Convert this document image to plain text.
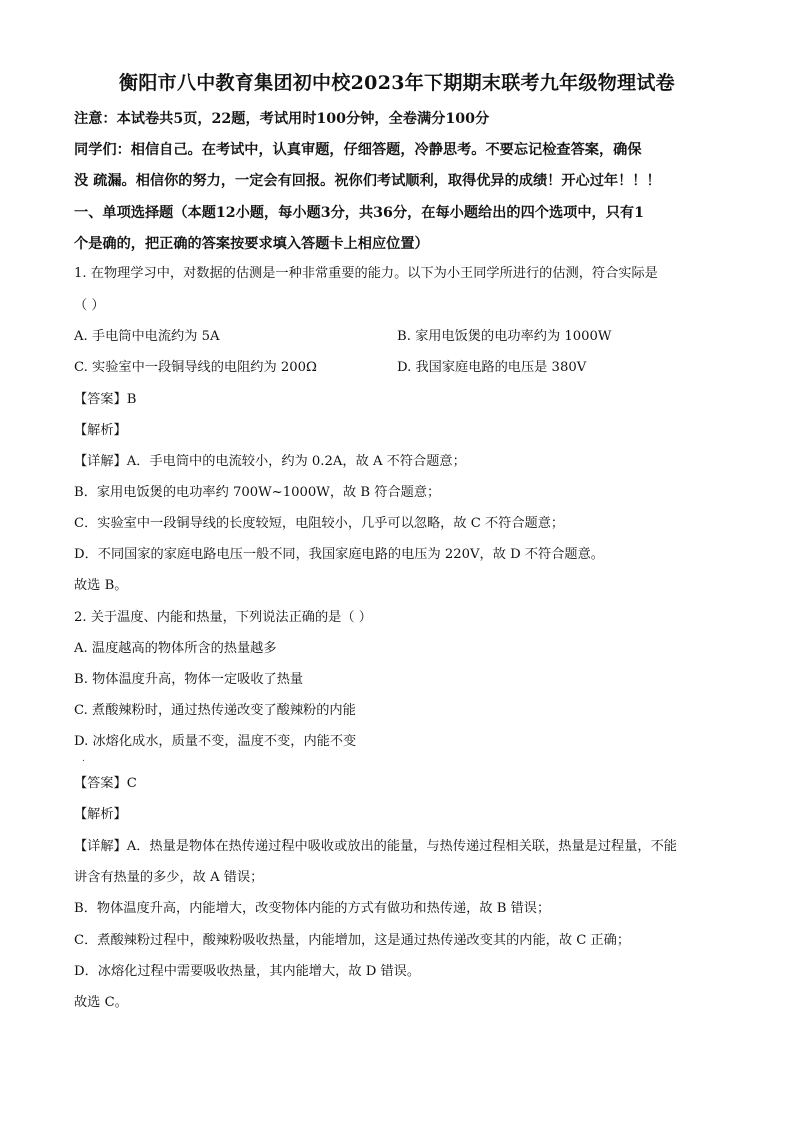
衡阳市八中教育集团初中校2023年下期期末联考九年级物理试卷
注意：本试卷共5页，22题，考试用时100分钟，全卷满分100分
同学们：相信自己。在考试中，认真审题，仔细答题，冷静思考。不要忘记检查答案，确保
没 疏漏。相信你的努力，一定会有回报。祝你们考试顺利，取得优异的成绩！开心过年！！！
一、单项选择题（本题12小题，每小题3分，共36分，在每小题给出的四个选项中，只有1
个是确的，把正确的答案按要求填入答题卡上相应位置）
1. 在物理学习中，对数据的估测是一种非常重要的能力。以下为小王同学所进行的估测，符合实际是
（ ）
A. 手电筒中电流约为 5A	B. 家用电饭煲的电功率约为 1000W
C. 实验室中一段铜导线的电阻约为 200Ω	D. 我国家庭电路的电压是 380V
【答案】B
【解析】
【详解】A．手电筒中的电流较小，约为 0.2A，故 A 不符合题意；
B．家用电饭煲的电功率约 700W~1000W，故 B 符合题意；
C．实验室中一段铜导线的长度较短，电阻较小，几乎可以忽略，故 C 不符合题意；
D．不同国家的家庭电路电压一般不同，我国家庭电路的电压为 220V，故 D 不符合题意。
故选 B。
2. 关于温度、内能和热量，下列说法正确的是（ ）
A. 温度越高的物体所含的热量越多
B. 物体温度升高，物体一定吸收了热量
C. 煮酸辣粉时，通过热传递改变了酸辣粉的内能
D. 冰熔化成水，质量不变，温度不变，内能不变
.
【答案】C
【解析】
【详解】A．热量是物体在热传递过程中吸收或放出的能量，与热传递过程相关联，热量是过程量，不能
讲含有热量的多少，故 A 错误；
B．物体温度升高，内能增大，改变物体内能的方式有做功和热传递，故 B 错误；
C．煮酸辣粉过程中，酸辣粉吸收热量，内能增加，这是通过热传递改变其的内能，故 C 正确；
D．冰熔化过程中需要吸收热量，其内能增大，故 D 错误。
故选 C。
